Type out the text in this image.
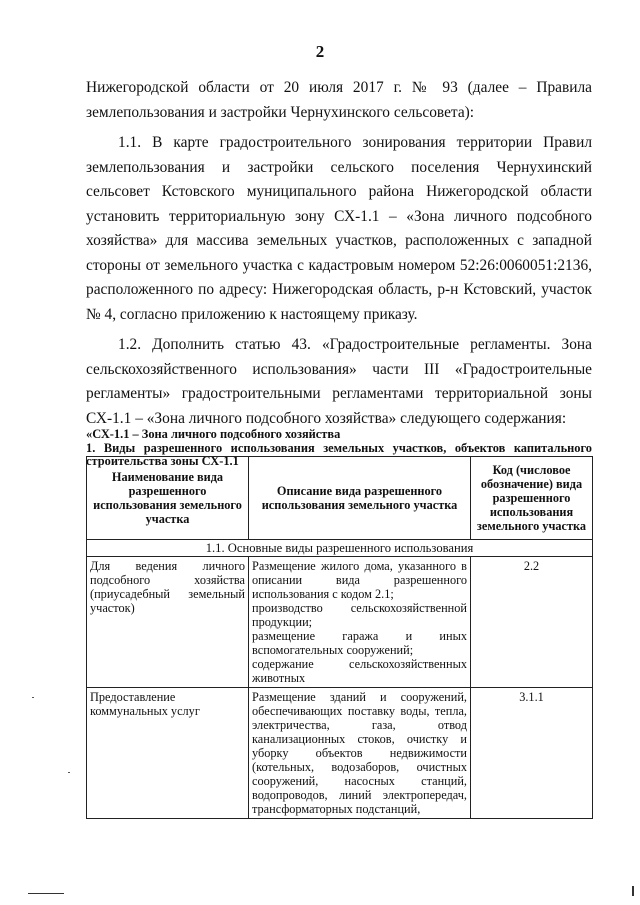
2

Нижегородской области от 20 июля 2017 г. № 93 (далее – Правила землепользования и застройки Чернухинского сельсовета):

1.1. В карте градостроительного зонирования территории Правил землепользования и застройки сельского поселения Чернухинский сельсовет Кстовского муниципального района Нижегородской области установить территориальную зону СХ-1.1 – «Зона личного подсобного хозяйства» для массива земельных участков, расположенных с западной стороны от земельного участка с кадастровым номером 52:26:0060051:2136, расположенного по адресу: Нижегородская область, р-н Кстовский, участок № 4, согласно приложению к настоящему приказу.

1.2. Дополнить статью 43. «Градостроительные регламенты. Зона сельскохозяйственного использования» части III «Градостроительные регламенты» градостроительными регламентами территориальной зоны СХ-1.1 – «Зона личного подсобного хозяйства» следующего содержания:

«СХ-1.1 – Зона личного подсобного хозяйства
1. Виды разрешенного использования земельных участков, объектов капитального
строительства зоны СХ-1.1
Наименование вида разрешенного использования земельного участка	Описание вида разрешенного использования земельного участка	Код (числовое обозначение) вида разрешенного использования земельного участка

1.1. Основные виды разрешенного использования		
Для ведения личного подсобного хозяйства (приусадебный земельный участок)	Размещение жилого дома, указанного в описании вида разрешенного использования с кодом 2.1;
производство сельскохозяйственной продукции;
размещение гаража и иных вспомогательных сооружений;
содержание сельскохозяйственных животных	2.2
Предоставление коммунальных услуг	Размещение зданий и сооружений, обеспечивающих поставку воды, тепла, электричества, газа, отвод канализационных стоков, очистку и уборку объектов недвижимости (котельных, водозаборов, очистных сооружений, насосных станций, водопроводов, линий электропередач, трансформаторных подстанций,	3.1.1
